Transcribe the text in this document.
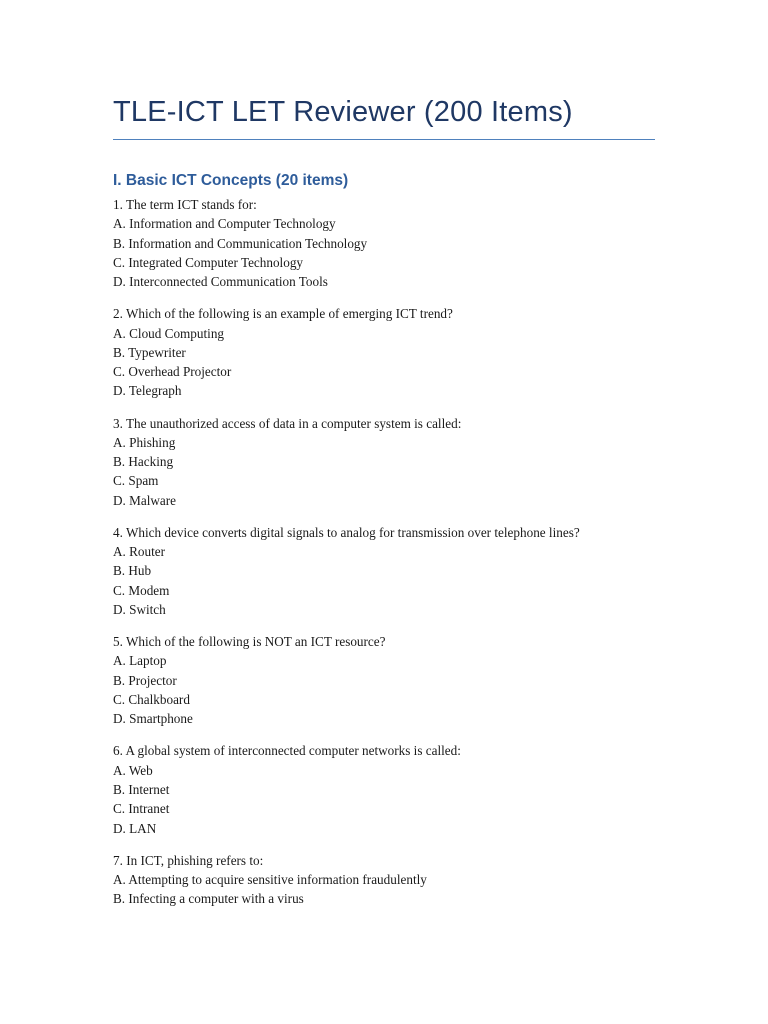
TLE-ICT LET Reviewer (200 Items)
I. Basic ICT Concepts (20 items)
1. The term ICT stands for:
A. Information and Computer Technology
B. Information and Communication Technology
C. Integrated Computer Technology
D. Interconnected Communication Tools
2. Which of the following is an example of emerging ICT trend?
A. Cloud Computing
B. Typewriter
C. Overhead Projector
D. Telegraph
3. The unauthorized access of data in a computer system is called:
A. Phishing
B. Hacking
C. Spam
D. Malware
4. Which device converts digital signals to analog for transmission over telephone lines?
A. Router
B. Hub
C. Modem
D. Switch
5. Which of the following is NOT an ICT resource?
A. Laptop
B. Projector
C. Chalkboard
D. Smartphone
6. A global system of interconnected computer networks is called:
A. Web
B. Internet
C. Intranet
D. LAN
7. In ICT, phishing refers to:
A. Attempting to acquire sensitive information fraudulently
B. Infecting a computer with a virus
